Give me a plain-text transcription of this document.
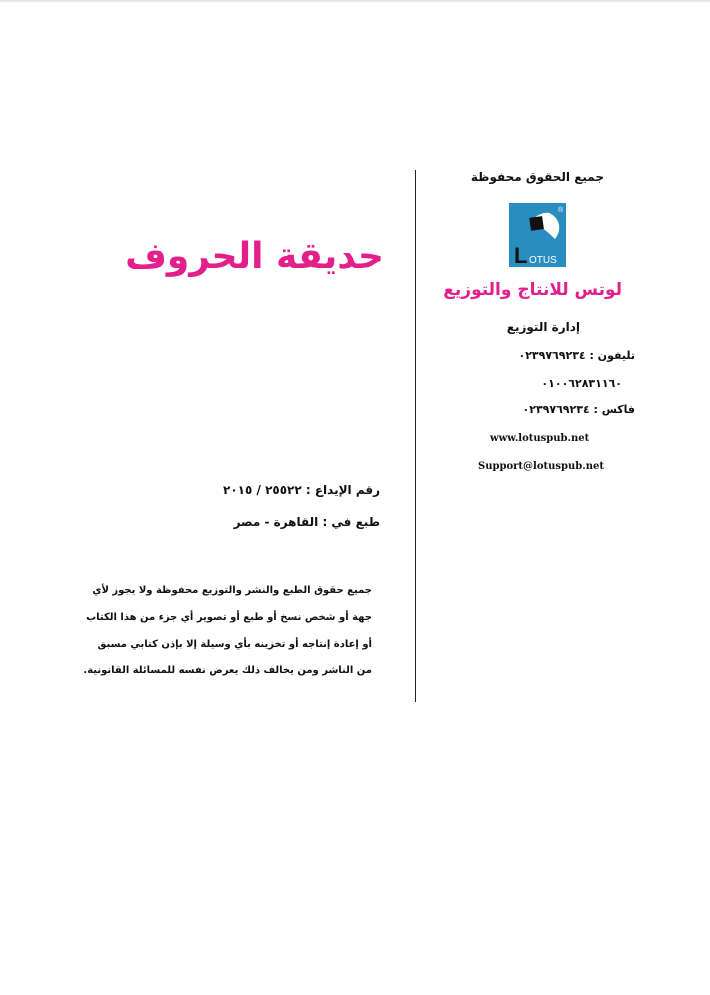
جميع الحقوق محفوظة
L OTUS
®
لوتس للانتاج والتوزيع
إدارة التوزيع
تليفون : ٠٢٣٩٧٦٩٢٣٤
٠١٠٠٦٢٨٣١١٦٠
فاكس : ٠٢٣٩٧٦٩٢٣٤
www.lotuspub.net
Support@lotuspub.net
حديقة الحروف
رقم الإيداع : ٢٥٥٢٢ / ٢٠١٥
طبع في : القاهرة - مصر
جميع حقوق الطبع والنشر والتوزيع محفوظة ولا يجوز لأي
جهة أو شخص نسخ أو طبع أو تصوير أي جزء من هذا الكتاب
أو إعادة إنتاجه أو تخزينه بأي وسيلة إلا بإذن كتابي مسبق
من الناشر ومن يخالف ذلك يعرض نفسه للمسائلة القانونية.
